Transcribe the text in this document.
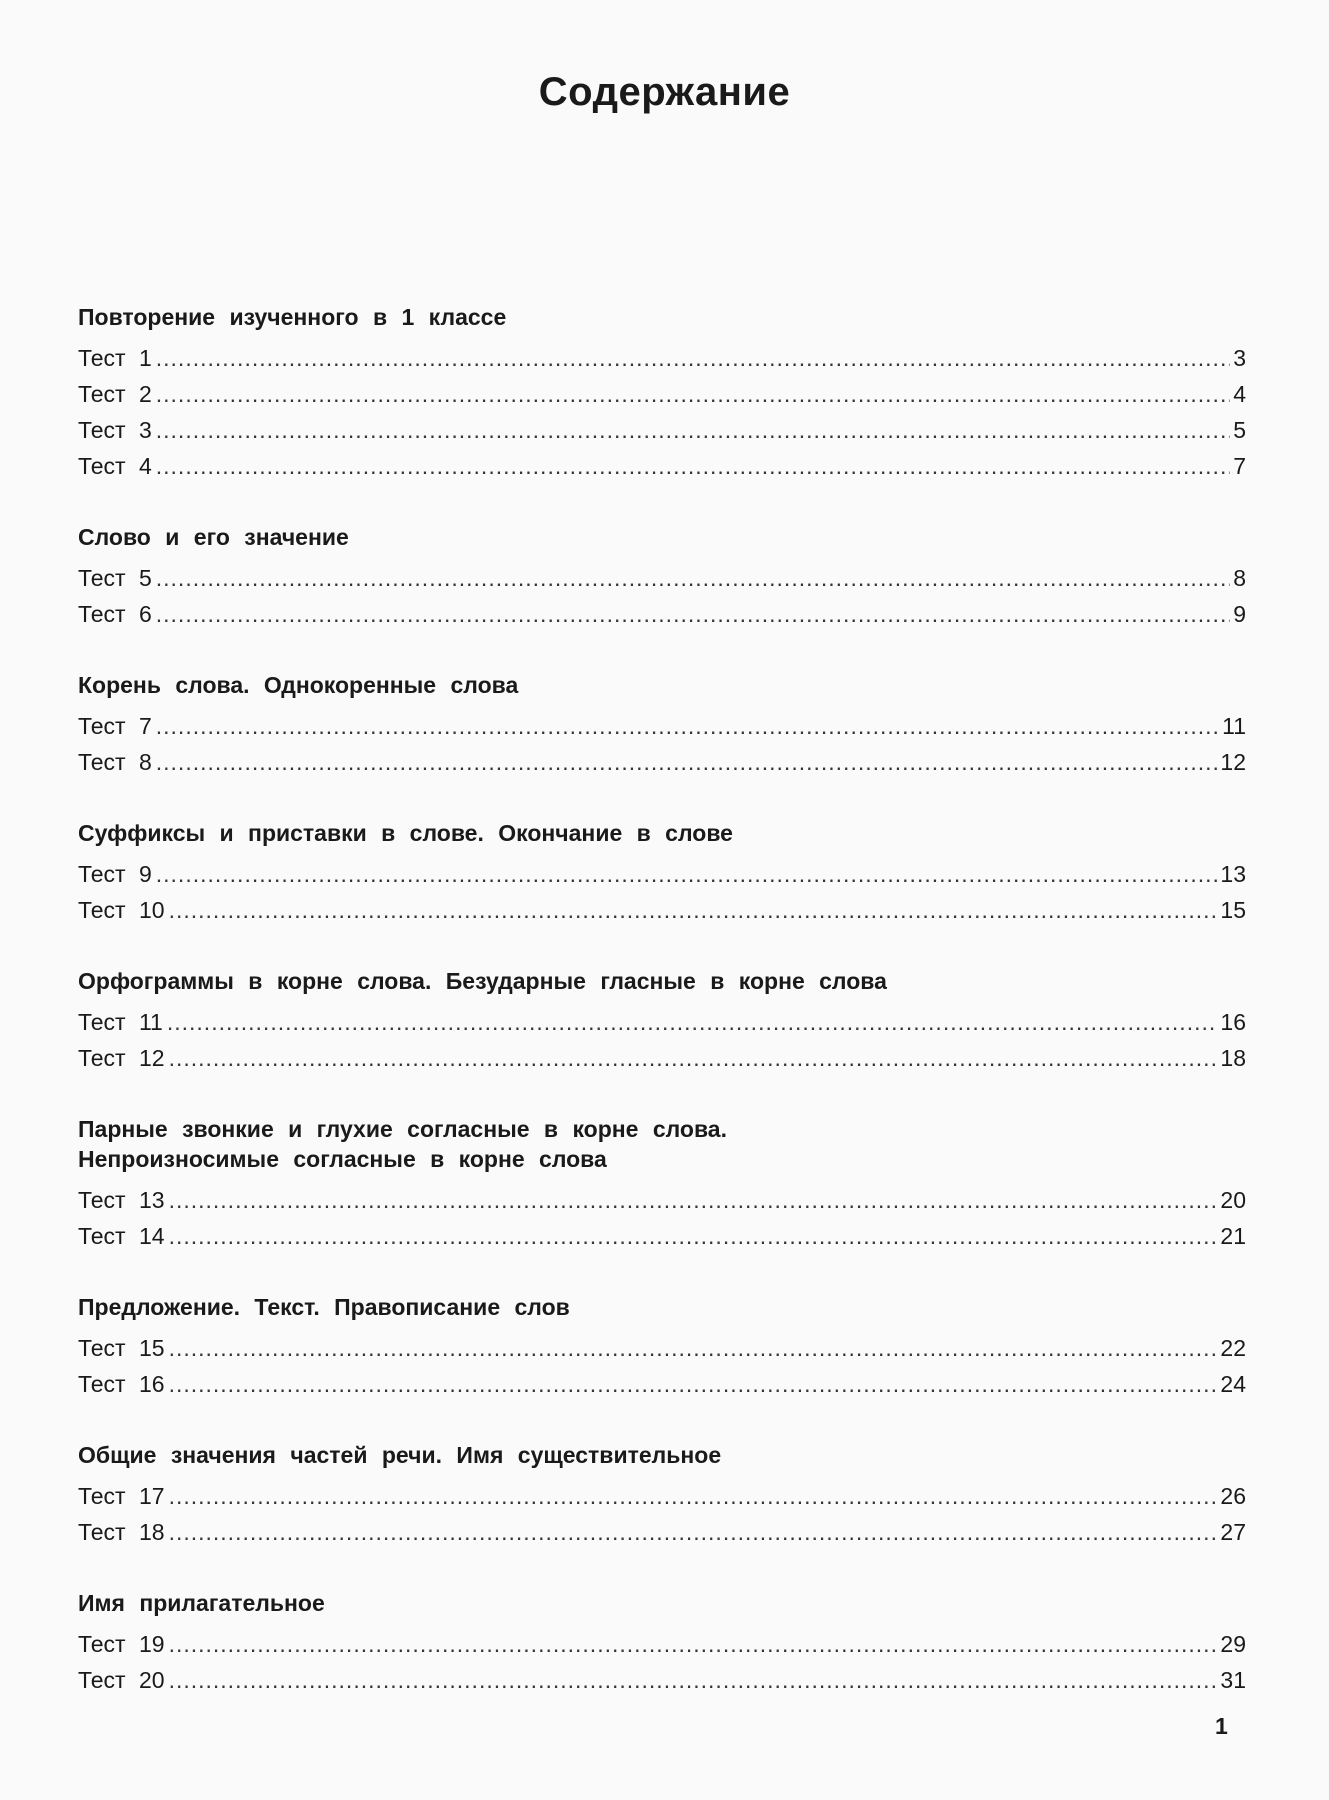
Содержание
Повторение изученного в 1 классе
Тест 1 .....	3
Тест 2 .....	4
Тест 3 .....	5
Тест 4 .....	7
Слово и его значение
Тест 5 .....	8
Тест 6 .....	9
Корень слова. Однокоренные слова
Тест 7 .....	11
Тест 8 .....	12
Суффиксы и приставки в слове. Окончание в слове
Тест 9 .....	13
Тест 10 .....	15
Орфограммы в корне слова. Безударные гласные в корне слова
Тест 11 .....	16
Тест 12 .....	18
Парные звонкие и глухие согласные в корне слова.
Непроизносимые согласные в корне слова
Тест 13 .....	20
Тест 14 .....	21
Предложение. Текст. Правописание слов
Тест 15 .....	22
Тест 16 .....	24
Общие значения частей речи. Имя существительное
Тест 17 .....	26
Тест 18 .....	27
Имя прилагательное
Тест 19 .....	29
Тест 20 .....	31
1
